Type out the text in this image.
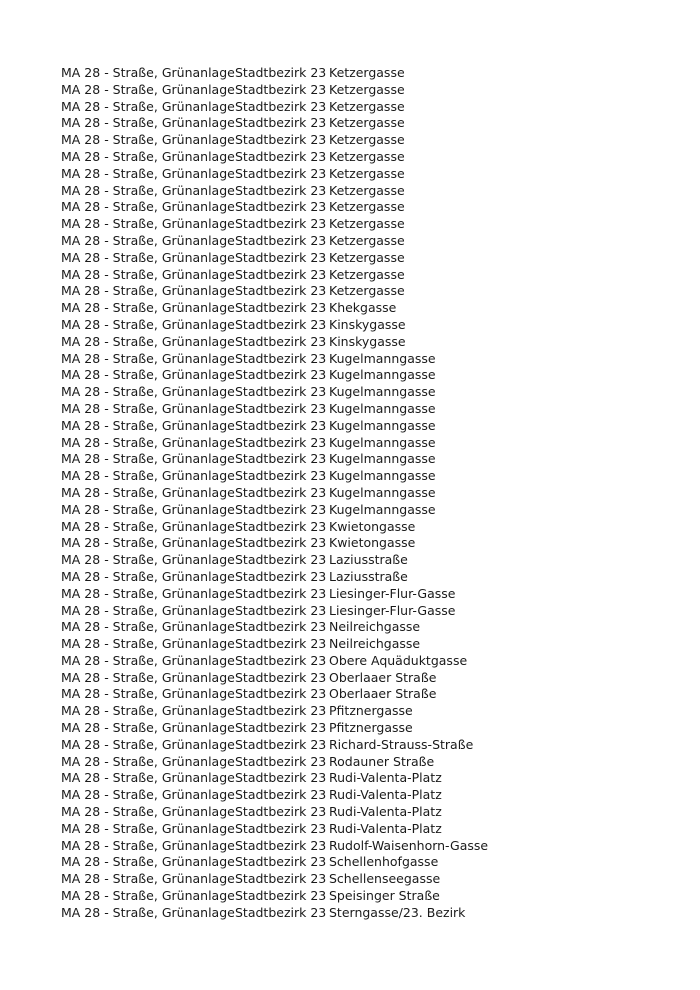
MA 28 - Straße, Grünanlage	Stadtbezirk 23	Ketzergasse
MA 28 - Straße, Grünanlage	Stadtbezirk 23	Ketzergasse
MA 28 - Straße, Grünanlage	Stadtbezirk 23	Ketzergasse
MA 28 - Straße, Grünanlage	Stadtbezirk 23	Ketzergasse
MA 28 - Straße, Grünanlage	Stadtbezirk 23	Ketzergasse
MA 28 - Straße, Grünanlage	Stadtbezirk 23	Ketzergasse
MA 28 - Straße, Grünanlage	Stadtbezirk 23	Ketzergasse
MA 28 - Straße, Grünanlage	Stadtbezirk 23	Ketzergasse
MA 28 - Straße, Grünanlage	Stadtbezirk 23	Ketzergasse
MA 28 - Straße, Grünanlage	Stadtbezirk 23	Ketzergasse
MA 28 - Straße, Grünanlage	Stadtbezirk 23	Ketzergasse
MA 28 - Straße, Grünanlage	Stadtbezirk 23	Ketzergasse
MA 28 - Straße, Grünanlage	Stadtbezirk 23	Ketzergasse
MA 28 - Straße, Grünanlage	Stadtbezirk 23	Ketzergasse
MA 28 - Straße, Grünanlage	Stadtbezirk 23	Khekgasse
MA 28 - Straße, Grünanlage	Stadtbezirk 23	Kinskygasse
MA 28 - Straße, Grünanlage	Stadtbezirk 23	Kinskygasse
MA 28 - Straße, Grünanlage	Stadtbezirk 23	Kugelmanngasse
MA 28 - Straße, Grünanlage	Stadtbezirk 23	Kugelmanngasse
MA 28 - Straße, Grünanlage	Stadtbezirk 23	Kugelmanngasse
MA 28 - Straße, Grünanlage	Stadtbezirk 23	Kugelmanngasse
MA 28 - Straße, Grünanlage	Stadtbezirk 23	Kugelmanngasse
MA 28 - Straße, Grünanlage	Stadtbezirk 23	Kugelmanngasse
MA 28 - Straße, Grünanlage	Stadtbezirk 23	Kugelmanngasse
MA 28 - Straße, Grünanlage	Stadtbezirk 23	Kugelmanngasse
MA 28 - Straße, Grünanlage	Stadtbezirk 23	Kugelmanngasse
MA 28 - Straße, Grünanlage	Stadtbezirk 23	Kugelmanngasse
MA 28 - Straße, Grünanlage	Stadtbezirk 23	Kwietongasse
MA 28 - Straße, Grünanlage	Stadtbezirk 23	Kwietongasse
MA 28 - Straße, Grünanlage	Stadtbezirk 23	Laziusstraße
MA 28 - Straße, Grünanlage	Stadtbezirk 23	Laziusstraße
MA 28 - Straße, Grünanlage	Stadtbezirk 23	Liesinger-Flur-Gasse
MA 28 - Straße, Grünanlage	Stadtbezirk 23	Liesinger-Flur-Gasse
MA 28 - Straße, Grünanlage	Stadtbezirk 23	Neilreichgasse
MA 28 - Straße, Grünanlage	Stadtbezirk 23	Neilreichgasse
MA 28 - Straße, Grünanlage	Stadtbezirk 23	Obere Aquäduktgasse
MA 28 - Straße, Grünanlage	Stadtbezirk 23	Oberlaaer Straße
MA 28 - Straße, Grünanlage	Stadtbezirk 23	Oberlaaer Straße
MA 28 - Straße, Grünanlage	Stadtbezirk 23	Pfitznergasse
MA 28 - Straße, Grünanlage	Stadtbezirk 23	Pfitznergasse
MA 28 - Straße, Grünanlage	Stadtbezirk 23	Richard-Strauss-Straße
MA 28 - Straße, Grünanlage	Stadtbezirk 23	Rodauner Straße
MA 28 - Straße, Grünanlage	Stadtbezirk 23	Rudi-Valenta-Platz
MA 28 - Straße, Grünanlage	Stadtbezirk 23	Rudi-Valenta-Platz
MA 28 - Straße, Grünanlage	Stadtbezirk 23	Rudi-Valenta-Platz
MA 28 - Straße, Grünanlage	Stadtbezirk 23	Rudi-Valenta-Platz
MA 28 - Straße, Grünanlage	Stadtbezirk 23	Rudolf-Waisenhorn-Gasse
MA 28 - Straße, Grünanlage	Stadtbezirk 23	Schellenhofgasse
MA 28 - Straße, Grünanlage	Stadtbezirk 23	Schellenseegasse
MA 28 - Straße, Grünanlage	Stadtbezirk 23	Speisinger Straße
MA 28 - Straße, Grünanlage	Stadtbezirk 23	Sterngasse/23. Bezirk
